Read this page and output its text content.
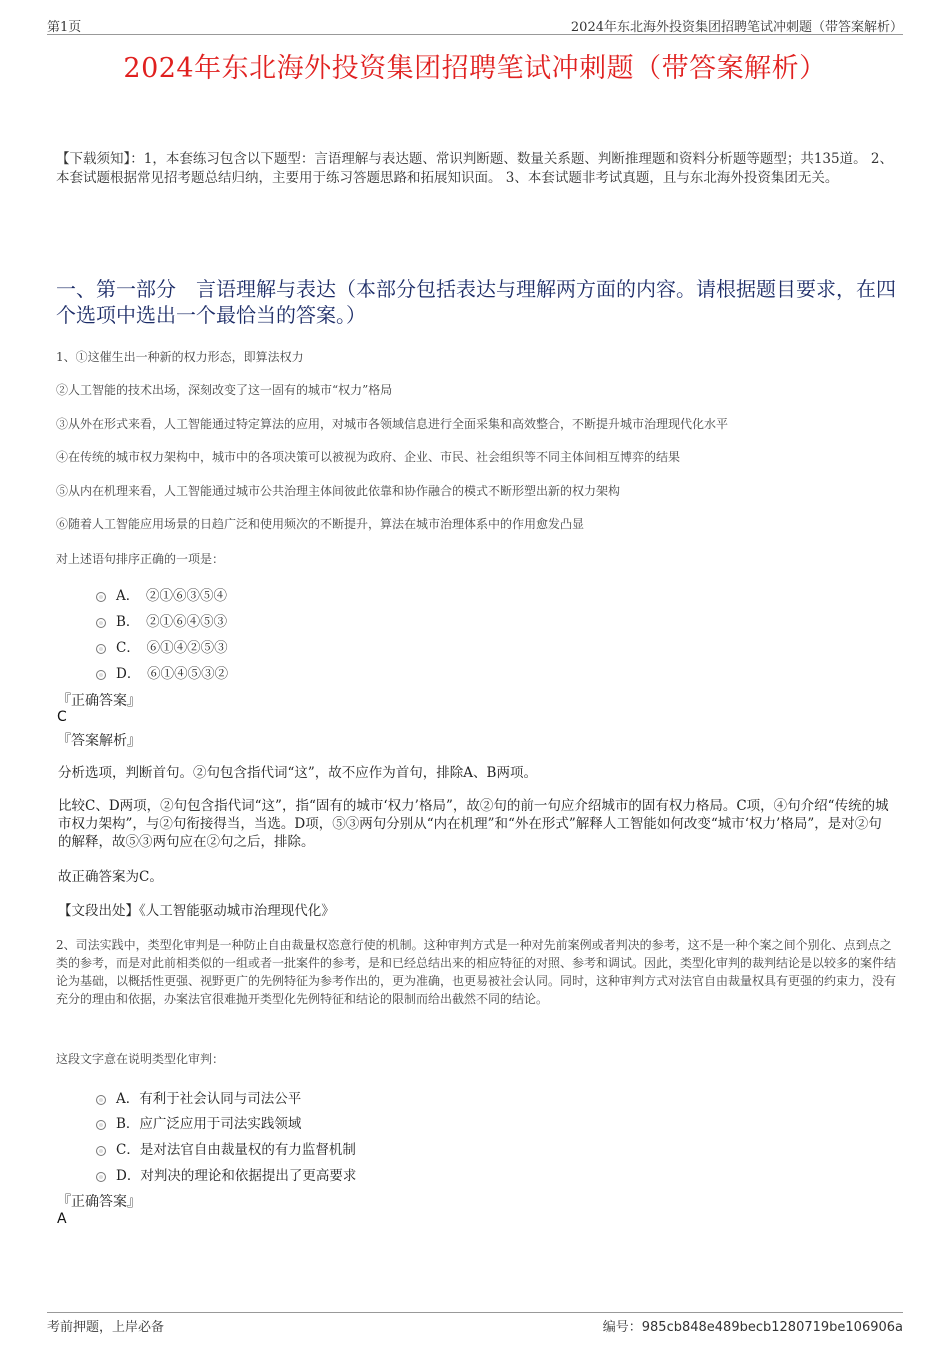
第1页	2024年东北海外投资集团招聘笔试冲刺题（带答案解析）
2024年东北海外投资集团招聘笔试冲刺题（带答案解析）
【下载须知】：1，本套练习包含以下题型：言语理解与表达题、常识判断题、数量关系题、判断推理题和资料分析题等题型；共135道。 2、本套试题根据常见招考题总结归纳，主要用于练习答题思路和拓展知识面。 3、本套试题非考试真题，且与东北海外投资集团无关。
一、第一部分　言语理解与表达（本部分包括表达与理解两方面的内容。请根据题目要求，在四个选项中选出一个最恰当的答案。）
1、①这催生出一种新的权力形态，即算法权力
②人工智能的技术出场，深刻改变了这一固有的城市“权力”格局
③从外在形式来看，人工智能通过特定算法的应用，对城市各领域信息进行全面采集和高效整合，不断提升城市治理现代化水平
④在传统的城市权力架构中，城市中的各项决策可以被视为政府、企业、市民、社会组织等不同主体间相互博弈的结果
⑤从内在机理来看，人工智能通过城市公共治理主体间彼此依靠和协作融合的模式不断形塑出新的权力架构
⑥随着人工智能应用场景的日趋广泛和使用频次的不断提升，算法在城市治理体系中的作用愈发凸显
对上述语句排序正确的一项是：
A．　②①⑥③⑤④
B．　②①⑥④⑤③
C．　⑥①④②⑤③
D．　⑥①④⑤③②
『正确答案』
C
『答案解析』
分析选项，判断首句。②句包含指代词“这”，故不应作为首句，排除A、B两项。
比较C、D两项，②句包含指代词“这”，指“固有的城市‘权力’格局”，故②句的前一句应介绍城市的固有权力格局。C项，④句介绍“传统的城市权力架构”，与②句衔接得当，当选。D项，⑤③两句分别从“内在机理”和“外在形式”解释人工智能如何改变“城市‘权力’格局”，是对②句的解释，故⑤③两句应在②句之后，排除。
故正确答案为C。
【文段出处】《人工智能驱动城市治理现代化》
2、司法实践中，类型化审判是一种防止自由裁量权恣意行使的机制。这种审判方式是一种对先前案例或者判决的参考，这不是一种个案之间个别化、点到点之类的参考，而是对此前相类似的一组或者一批案件的参考，是和已经总结出来的相应特征的对照、参考和调试。因此，类型化审判的裁判结论是以较多的案件结论为基础，以概括性更强、视野更广的先例特征为参考作出的，更为准确，也更易被社会认同。同时，这种审判方式对法官自由裁量权具有更强的约束力，没有充分的理由和依据，办案法官很难抛开类型化先例特征和结论的限制而给出截然不同的结论。
这段文字意在说明类型化审判：
A．有利于社会认同与司法公平
B．应广泛应用于司法实践领域
C．是对法官自由裁量权的有力监督机制
D．对判决的理论和依据提出了更高要求
『正确答案』
A
考前押题，上岸必备	编号：985cb848e489becb1280719be106906a
